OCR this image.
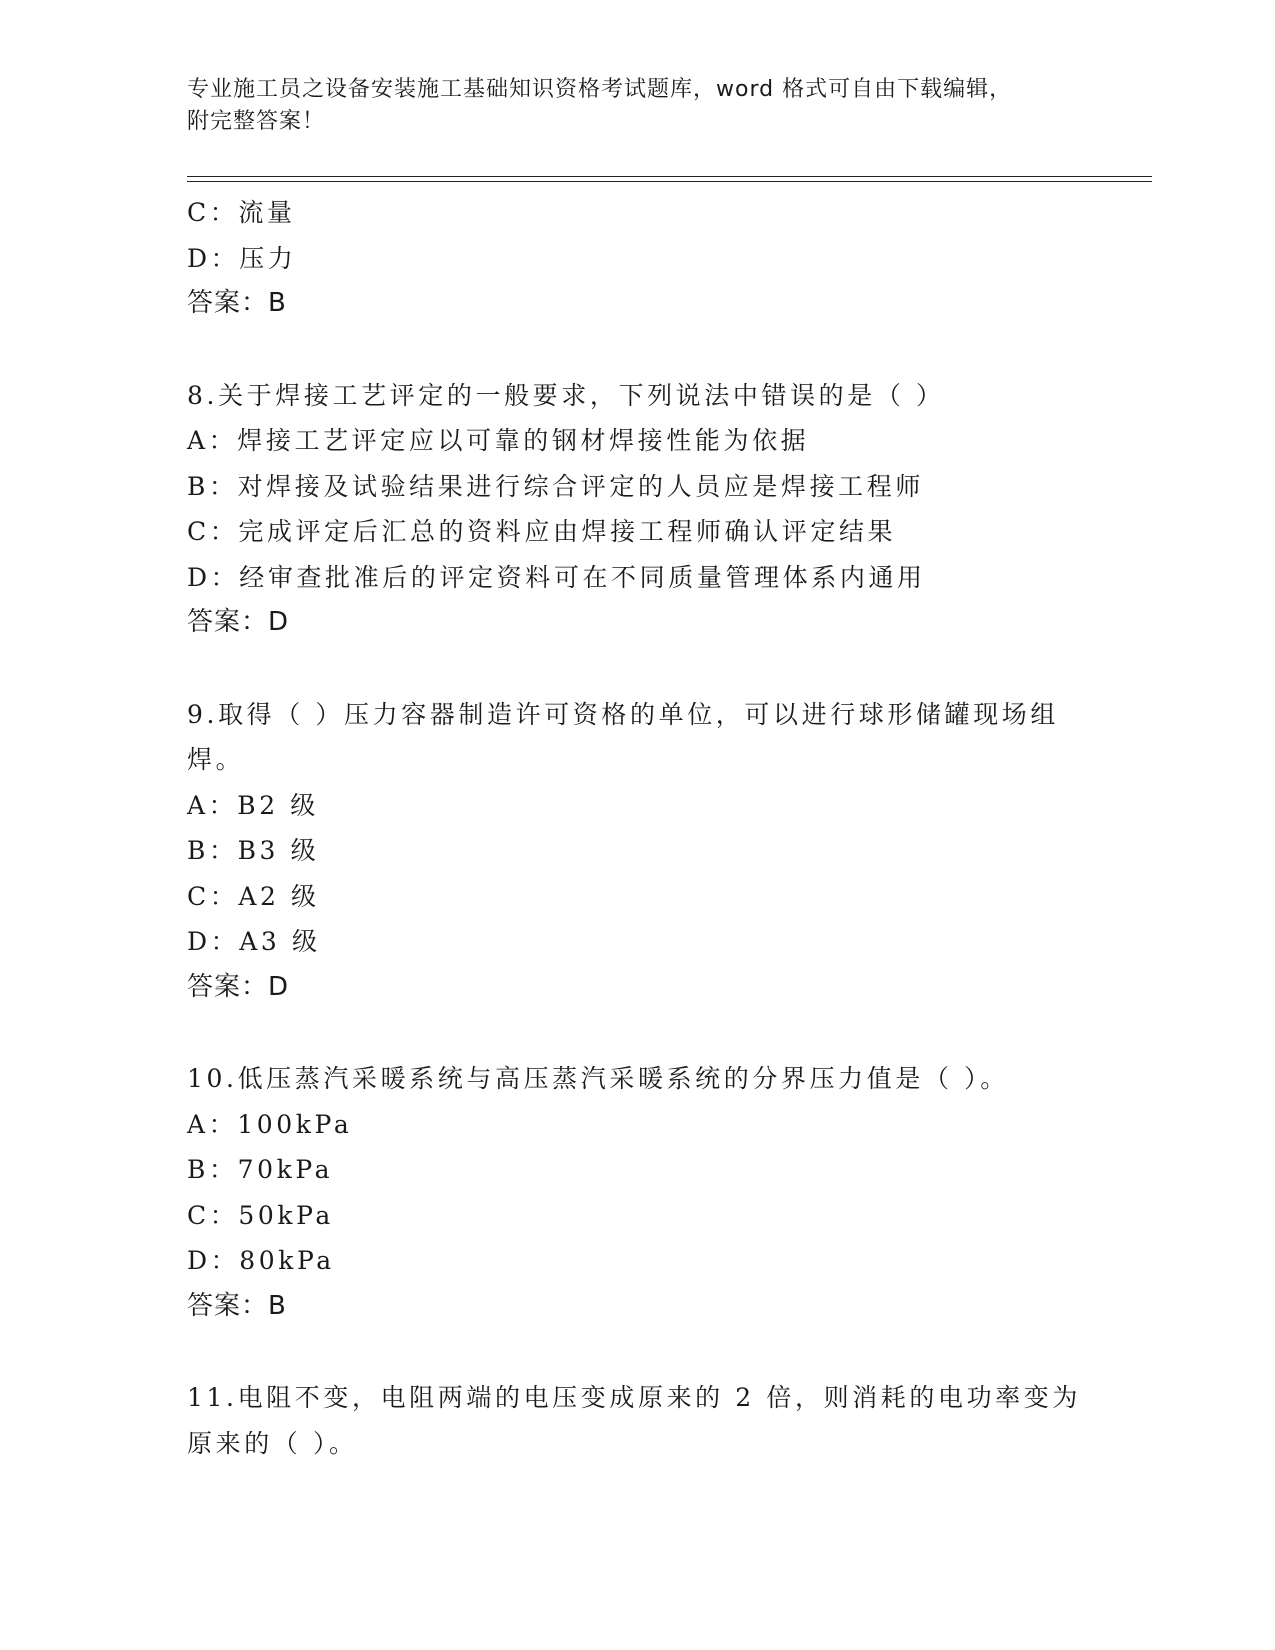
专业施工员之设备安装施工基础知识资格考试题库，word 格式可自由下载编辑，
附完整答案！
C：流量
D：压力
答案：B
8.关于焊接工艺评定的一般要求，下列说法中错误的是（ ）
A：焊接工艺评定应以可靠的钢材焊接性能为依据
B：对焊接及试验结果进行综合评定的人员应是焊接工程师
C：完成评定后汇总的资料应由焊接工程师确认评定结果
D：经审查批准后的评定资料可在不同质量管理体系内通用
答案：D
9.取得（ ）压力容器制造许可资格的单位，可以进行球形储罐现场组
焊。
A：B2 级
B：B3 级
C：A2 级
D：A3 级
答案：D
10.低压蒸汽采暖系统与高压蒸汽采暖系统的分界压力值是（ ）。
A：100kPa
B：70kPa
C：50kPa
D：80kPa
答案：B
11.电阻不变，电阻两端的电压变成原来的 2 倍，则消耗的电功率变为
原来的（ ）。
